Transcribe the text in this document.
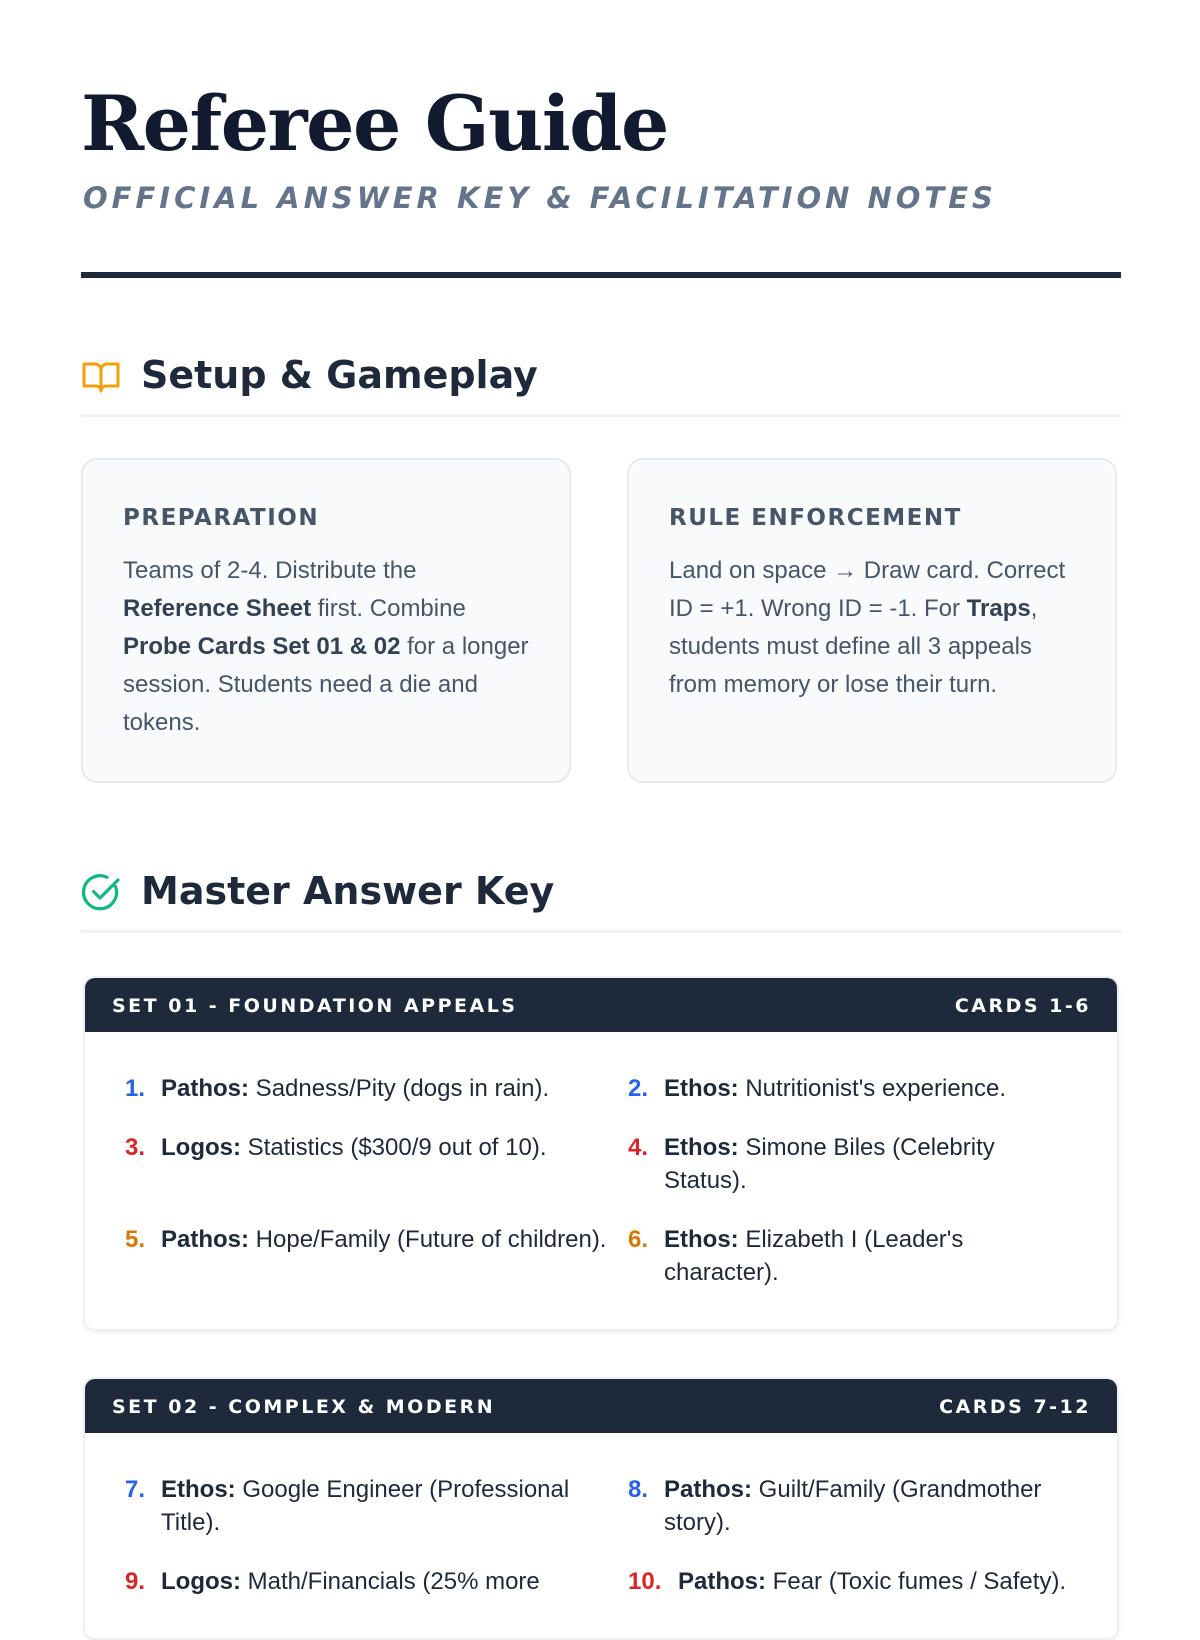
Referee Guide
OFFICIAL ANSWER KEY & FACILITATION NOTES
Setup & Gameplay
PREPARATION

Teams of 2-4. Distribute the Reference Sheet first. Combine Probe Cards Set 01 & 02 for a longer session. Students need a die and tokens.

RULE ENFORCEMENT

Land on space → Draw card. Correct ID = +1. Wrong ID = -1. For Traps, students must define all 3 appeals from memory or lose their turn.

Master Answer Key
SET 01 - FOUNDATION APPEALS	CARDS 1-6
1. Pathos: Sadness/Pity (dogs in rain).	2. Ethos: Nutritionist's experience.
3. Logos: Statistics ($300/9 out of 10).	4. Ethos: Simone Biles (Celebrity Status).
5. Pathos: Hope/Family (Future of children). 6. Ethos: Elizabeth I (Leader's character).
SET 02 - COMPLEX & MODERN	CARDS 7-12
7. Ethos: Google Engineer (Professional Title).
8. Pathos: Guilt/Family (Grandmother story).
9. Logos: Math/Financials (25% more	10. Pathos: Fear (Toxic fumes / Safety).
